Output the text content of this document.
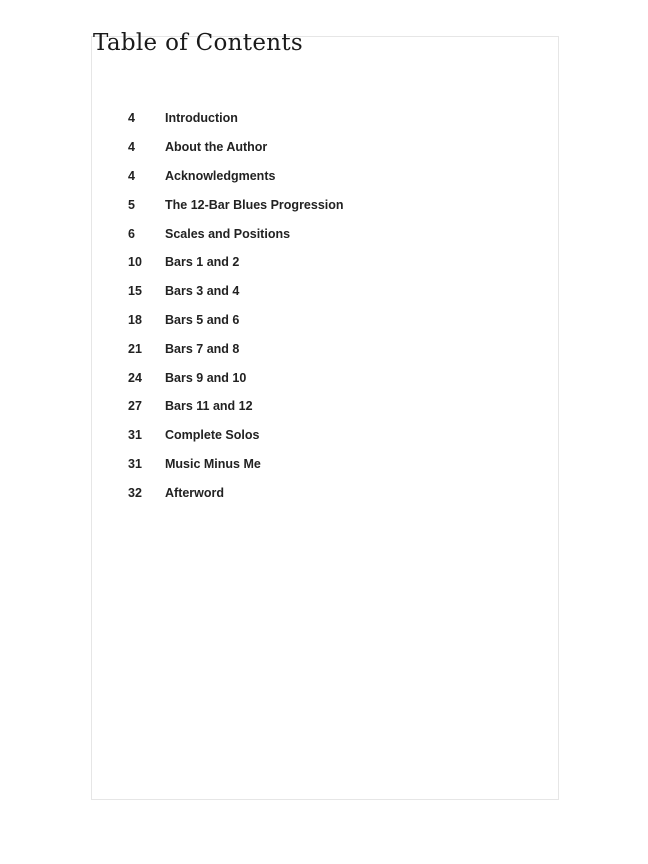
Table of Contents
4	Introduction
4	About the Author
4	Acknowledgments
5	The 12-Bar Blues Progression
6	Scales and Positions
10	Bars 1 and 2
15	Bars 3 and 4
18	Bars 5 and 6
21	Bars 7 and 8
24	Bars 9 and 10
27	Bars 11 and 12
31	Complete Solos
31	Music Minus Me
32	Afterword
